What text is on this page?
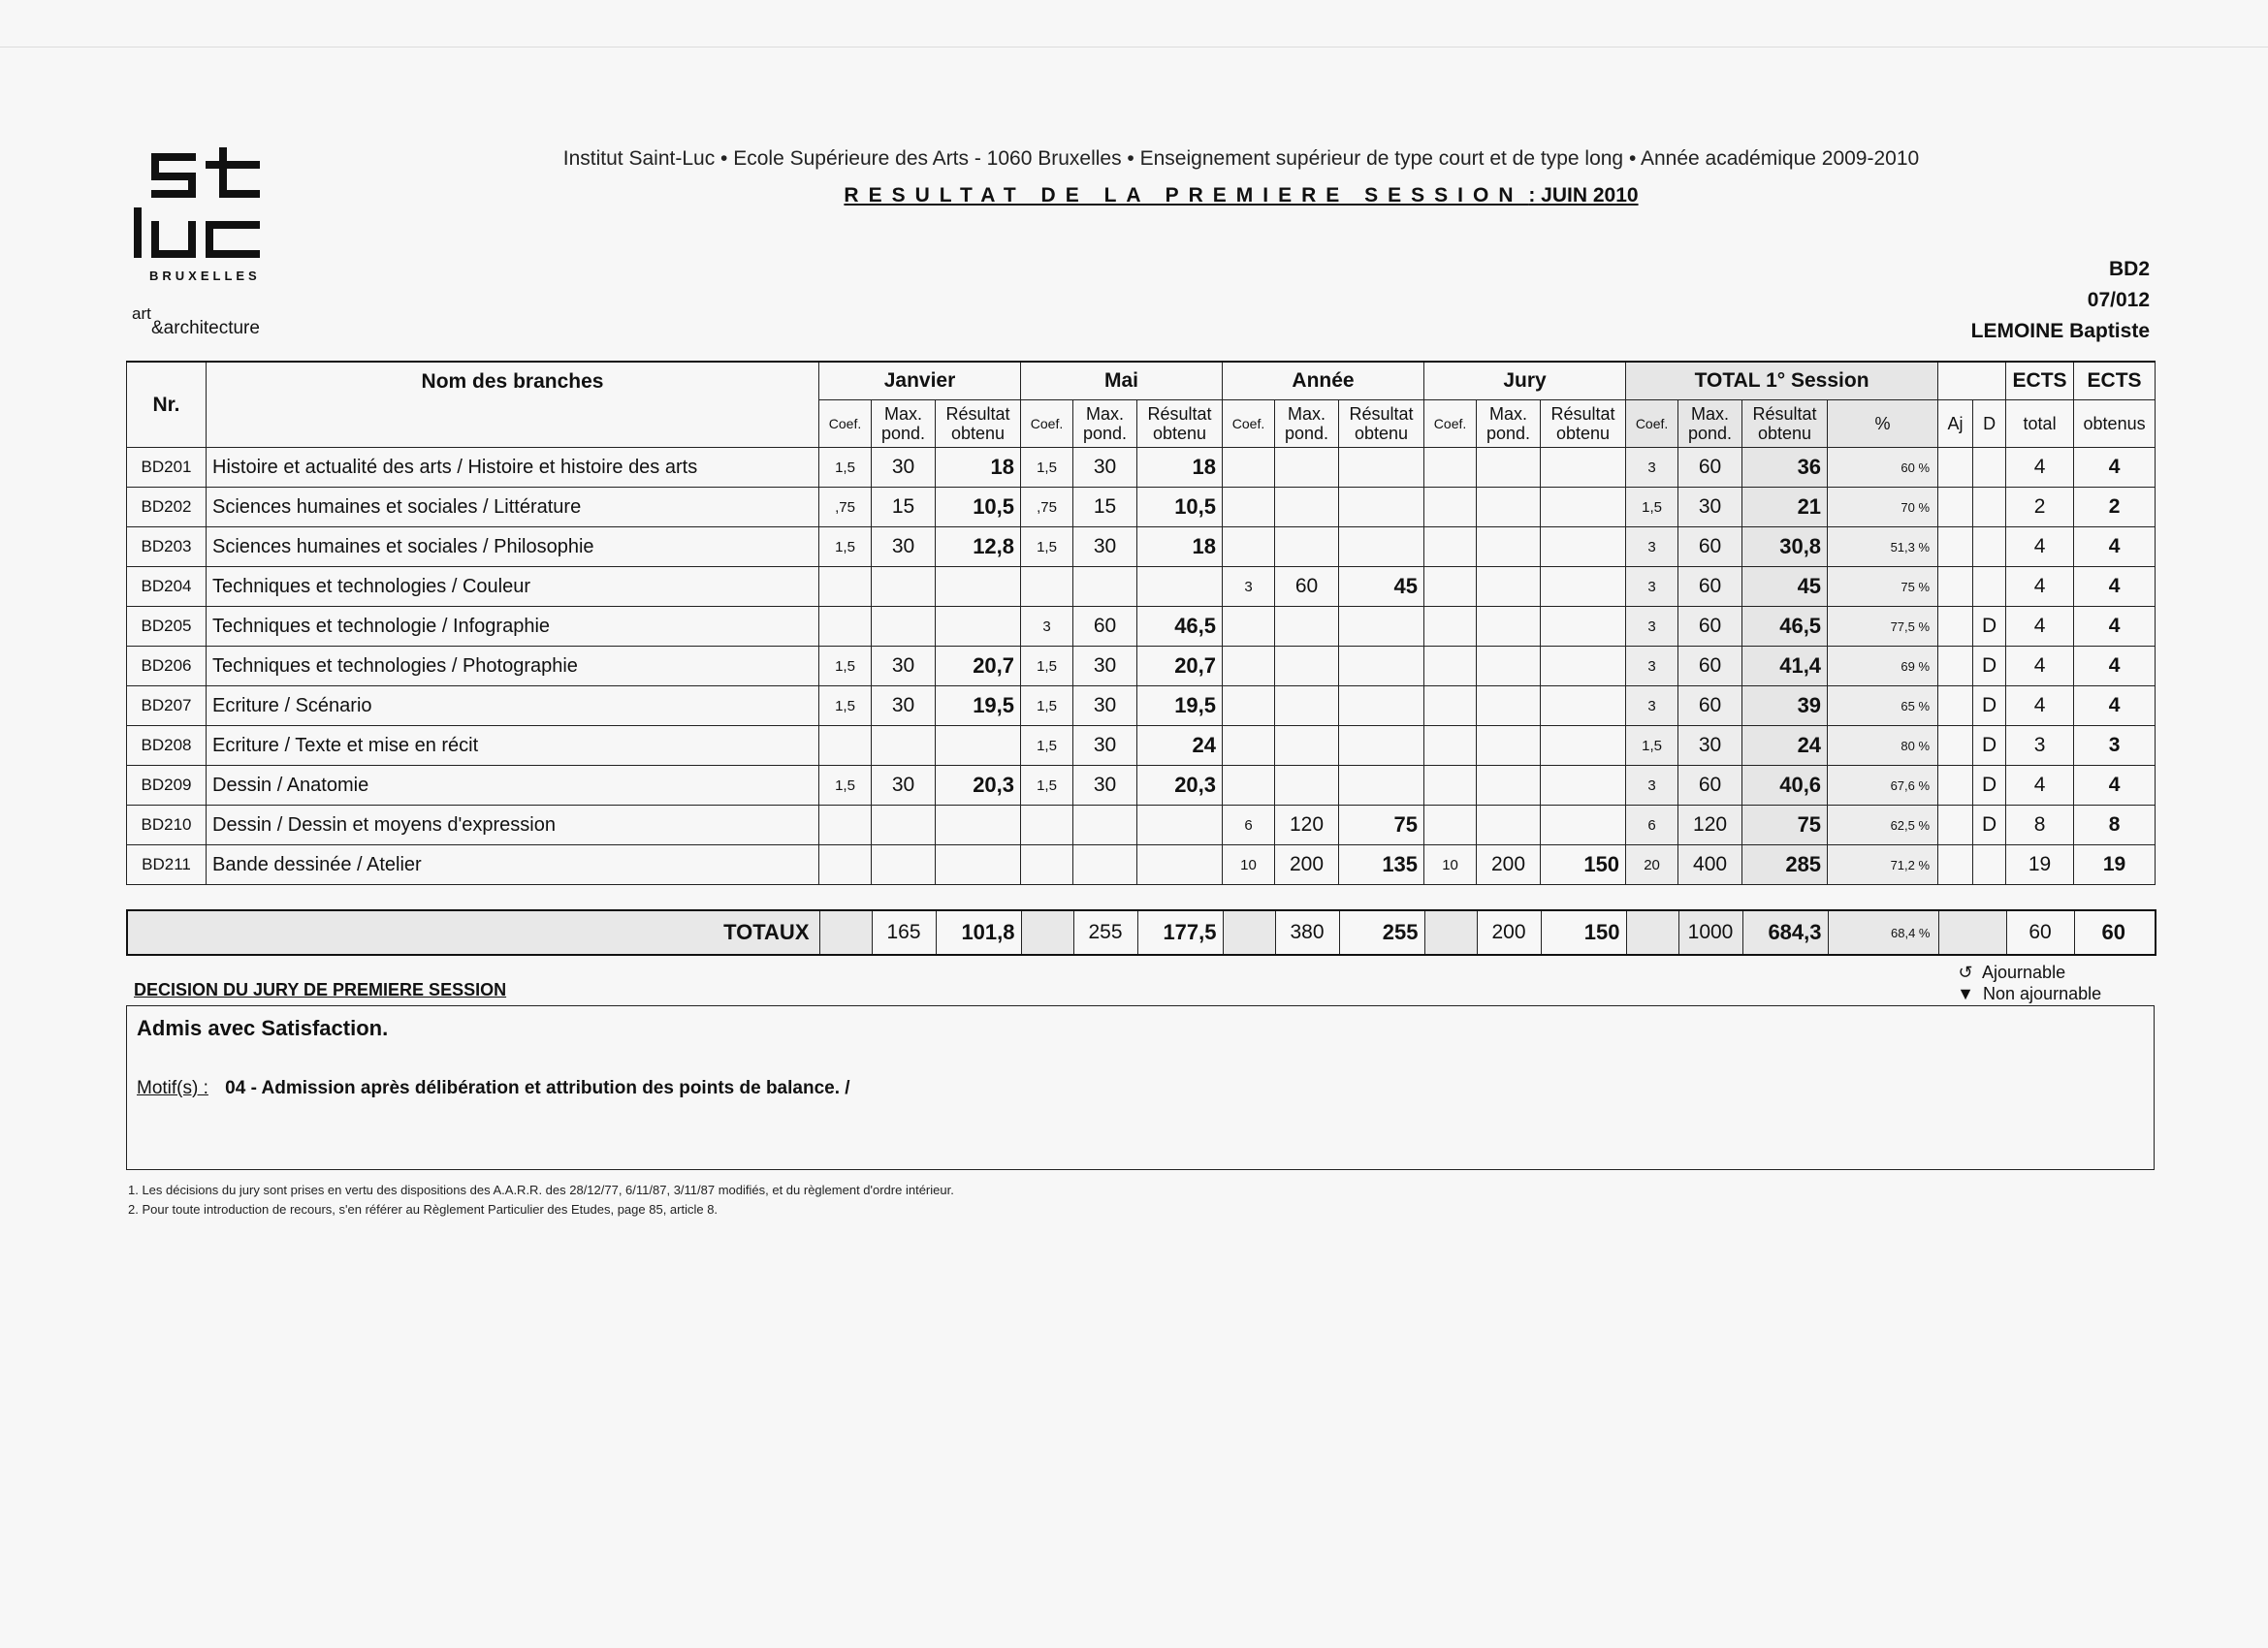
BRUXELLES
art
&architecture
Institut Saint-Luc • Ecole Supérieure des Arts - 1060 Bruxelles • Enseignement supérieur de type court et de type long • Année académique 2009-2010
RESULTAT DE LA PREMIERE SESSION : JUIN 2010
BD2
07/012
LEMOINE Baptiste
Nr.	Nom des branches	Janvier			Mai			Année			Jury			TOTAL 1° Session						ECTS	ECTS
		Coef.	Max.
pond.	Résultat
obtenu	Coef.	Max.
pond.	Résultat
obtenu	Coef.	Max.
pond.	Résultat
obtenu	Coef.	Max.
pond.	Résultat
obtenu	Coef.	Max.
pond.	Résultat
obtenu	%	Aj	D	total	obtenus
BD201	Histoire et actualité des arts / Histoire et histoire des arts	1,5	30	18	1,5	30	18							3	60	36	60 %			4	4
BD202	Sciences humaines et sociales / Littérature	,75	15	10,5	,75	15	10,5							1,5	30	21	70 %			2	2
BD203	Sciences humaines et sociales / Philosophie	1,5	30	12,8	1,5	30	18							3	60	30,8	51,3 %			4	4
BD204	Techniques et technologies / Couleur							3	60	45				3	60	45	75 %			4	4
BD205	Techniques et technologie / Infographie				3	60	46,5							3	60	46,5	77,5 %		D	4	4
BD206	Techniques et technologies / Photographie	1,5	30	20,7	1,5	30	20,7							3	60	41,4	69 %		D	4	4
BD207	Ecriture / Scénario	1,5	30	19,5	1,5	30	19,5							3	60	39	65 %		D	4	4
BD208	Ecriture / Texte et mise en récit				1,5	30	24							1,5	30	24	80 %		D	3	3
BD209	Dessin / Anatomie	1,5	30	20,3	1,5	30	20,3							3	60	40,6	67,6 %		D	4	4
BD210	Dessin / Dessin et moyens d'expression							6	120	75				6	120	75	62,5 %		D	8	8
BD211	Bande dessinée / Atelier							10	200	135	10	200	150	20	400	285	71,2 %			19	19
TOTAUX		165	101,8		255	177,5		380	255		200	150		1000	684,3	68,4 %		60	60
↺ Ajournable
▼ Non ajournable
DECISION DU JURY DE PREMIERE SESSION
Admis avec Satisfaction.
Motif(s) : 04 - Admission après délibération et attribution des points de balance. /
1. Les décisions du jury sont prises en vertu des dispositions des A.A.R.R. des 28/12/77, 6/11/87, 3/11/87 modifiés, et du règlement d'ordre intérieur.
2. Pour toute introduction de recours, s'en référer au Règlement Particulier des Etudes, page 85, article 8.
